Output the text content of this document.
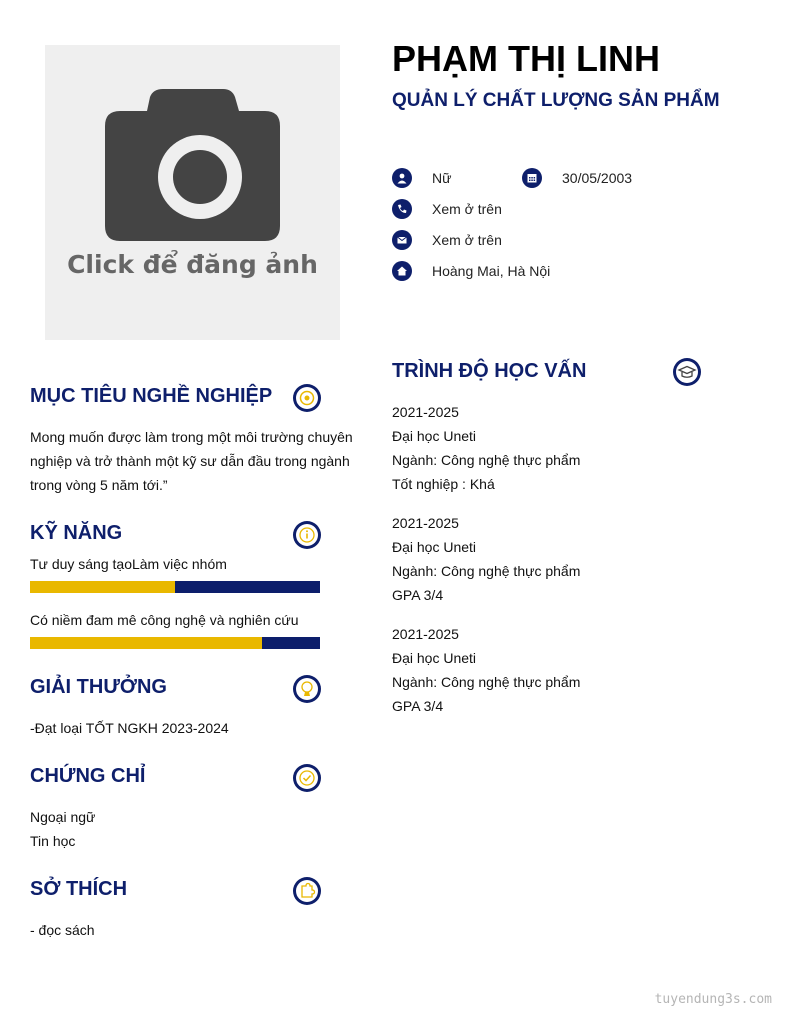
Click để đăng ảnh
PHẠM THỊ LINH
QUẢN LÝ CHẤT LƯỢNG SẢN PHẨM
Nữ	30/05/2003
Xem ở trên
Xem ở trên
Hoàng Mai, Hà Nội
MỤC TIÊU NGHỀ NGHIỆP
Mong muốn được làm trong một môi trường chuyên
nghiệp và trở thành một kỹ sư dẫn đầu trong ngành
trong vòng 5 năm tới.”
KỸ NĂNG
Tư duy sáng tạoLàm việc nhóm
Có niềm đam mê công nghệ và nghiên cứu
GIẢI THƯỞNG
-Đạt loại TỐT NGKH 2023-2024
CHỨNG CHỈ
Ngoại ngữ
Tin học
SỞ THÍCH
- đọc sách
TRÌNH ĐỘ HỌC VẤN
2021-2025
Đại học Uneti
Ngành: Công nghệ thực phẩm
Tốt nghiệp : Khá
2021-2025
Đại học Uneti
Ngành: Công nghệ thực phẩm
GPA 3/4
2021-2025
Đại học Uneti
Ngành: Công nghệ thực phẩm
GPA 3/4
tuyendung3s.com
